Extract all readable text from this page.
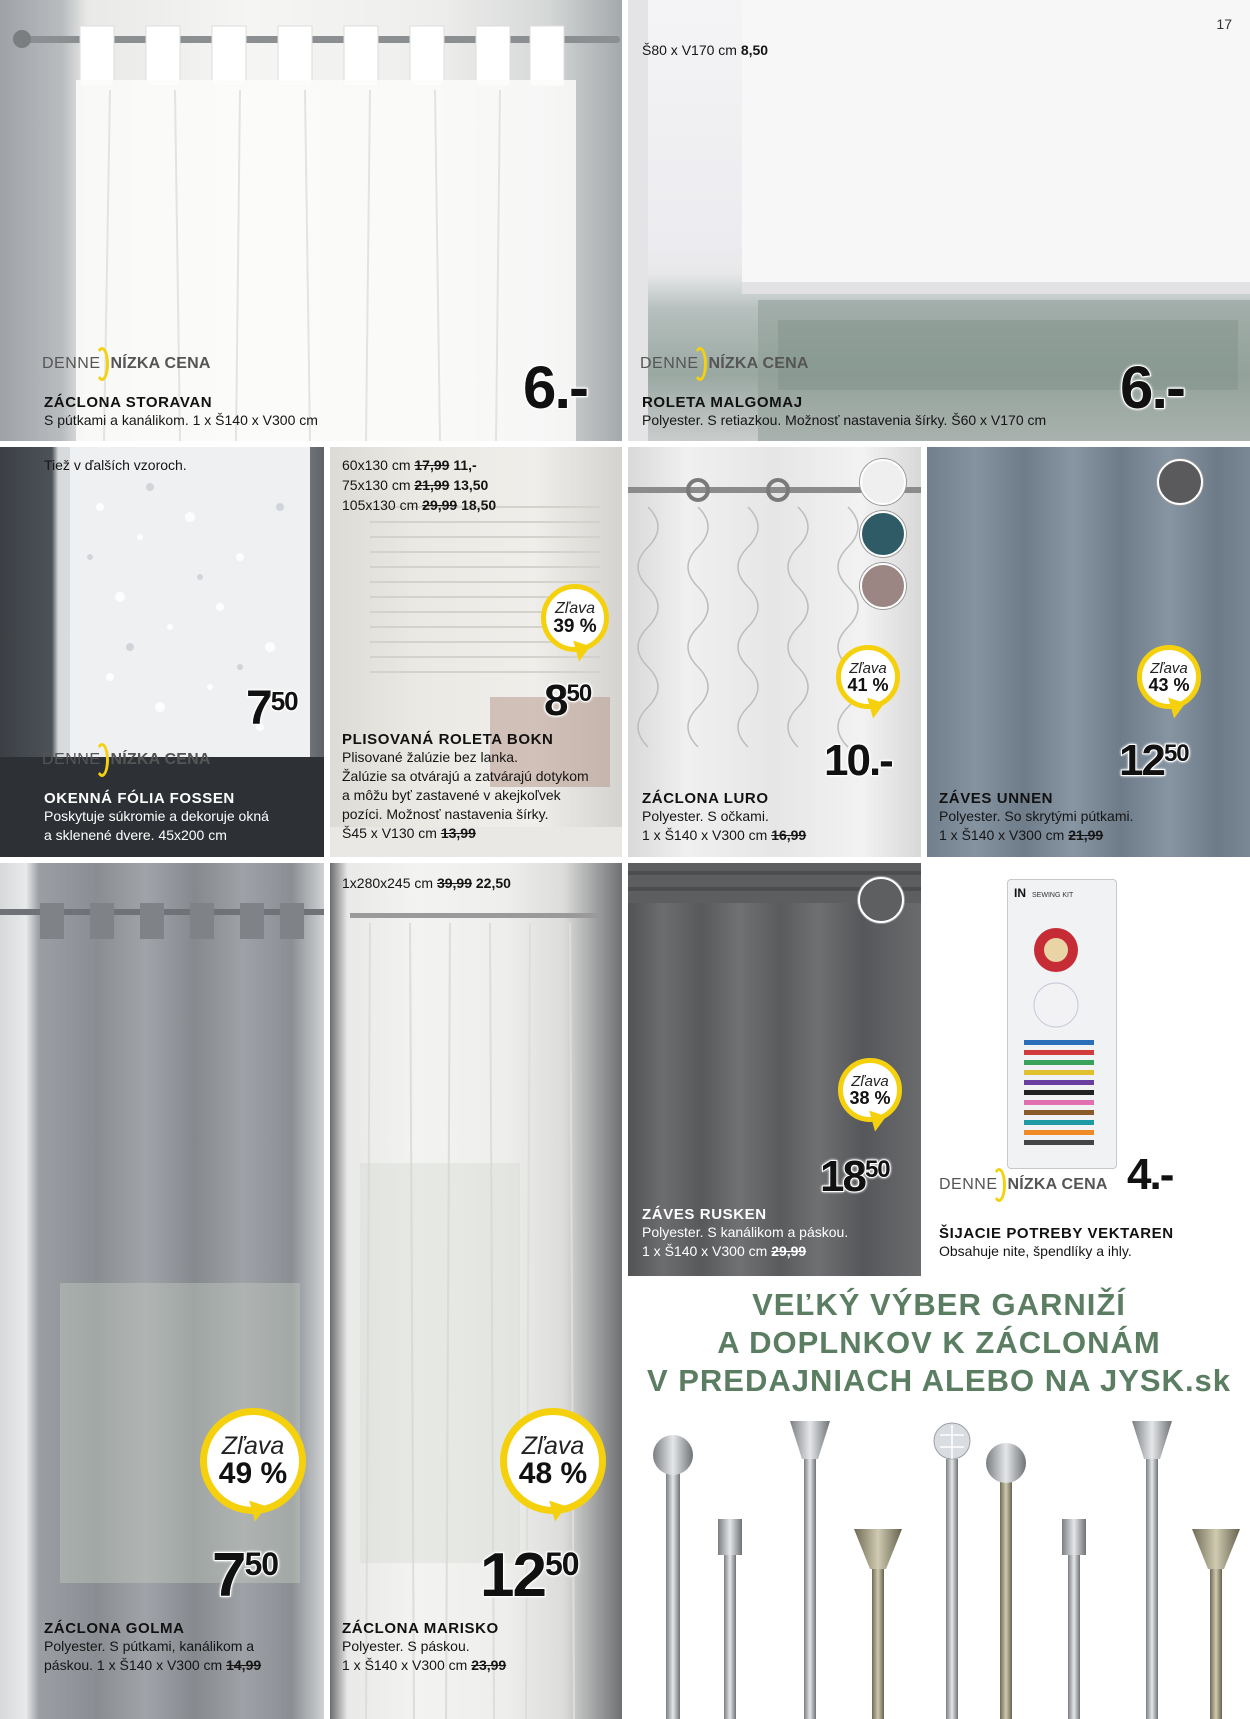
DENNE NÍZKA CENA
ZÁCLONA STORAVAN
S pútkami a kanálikom. 1 x Š140 x V300 cm	6.-
17
Š80 x V170 cm 8,50
DENNE NÍZKA CENA
ROLETA MALGOMAJ
Polyester. S retiazkou. Možnosť nastavenia šírky. Š60 x V170 cm 6.-
Tiež v ďalších vzoroch.
750
DENNE NÍZKA CENA
OKENNÁ FÓLIA FOSSEN
Poskytuje súkromie a dekoruje okná
a sklenené dvere. 45x200 cm
60x130 cm 17,99 11,-
75x130 cm 21,99 13,50
105x130 cm 29,99 18,50
Zľava
39 %
850
PLISOVANÁ ROLETA BOKN
Plisované žalúzie bez lanka.
Žalúzie sa otvárajú a zatvárajú dotykom
a môžu byť zastavené v akejkoľvek
pozíci. Možnosť nastavenia šírky.
Š45 x V130 cm 13,99
Zľava
41 %
10.-
ZÁCLONA LURO
Polyester. S očkami.
1 x Š140 x V300 cm 16,99
Zľava
43 %
1250
ZÁVES UNNEN
Polyester. So skrytými pútkami.
1 x Š140 x V300 cm 21,99
Zľava
49 %
750
ZÁCLONA GOLMA
Polyester. S pútkami, kanálikom a
páskou. 1 x Š140 x V300 cm 14,99
1x280x245 cm 39,99 22,50
Zľava
48 %
1250
ZÁCLONA MARISKO
Polyester. S páskou.
1 x Š140 x V300 cm 23,99
Zľava
38 %
1850
ZÁVES RUSKEN
Polyester. S kanálikom a páskou.
1 x Š140 x V300 cm 29,99
IN SEWING KIT
4.-
DENNE NÍZKA CENA
ŠIJACIE POTREBY VEKTAREN
Obsahuje nite, špendlíky a ihly.
VEĽKÝ VÝBER GARNIŽÍ
A DOPLNKOV K ZÁCLONÁM
V PREDAJNIACH ALEBO NA JYSK.sk
